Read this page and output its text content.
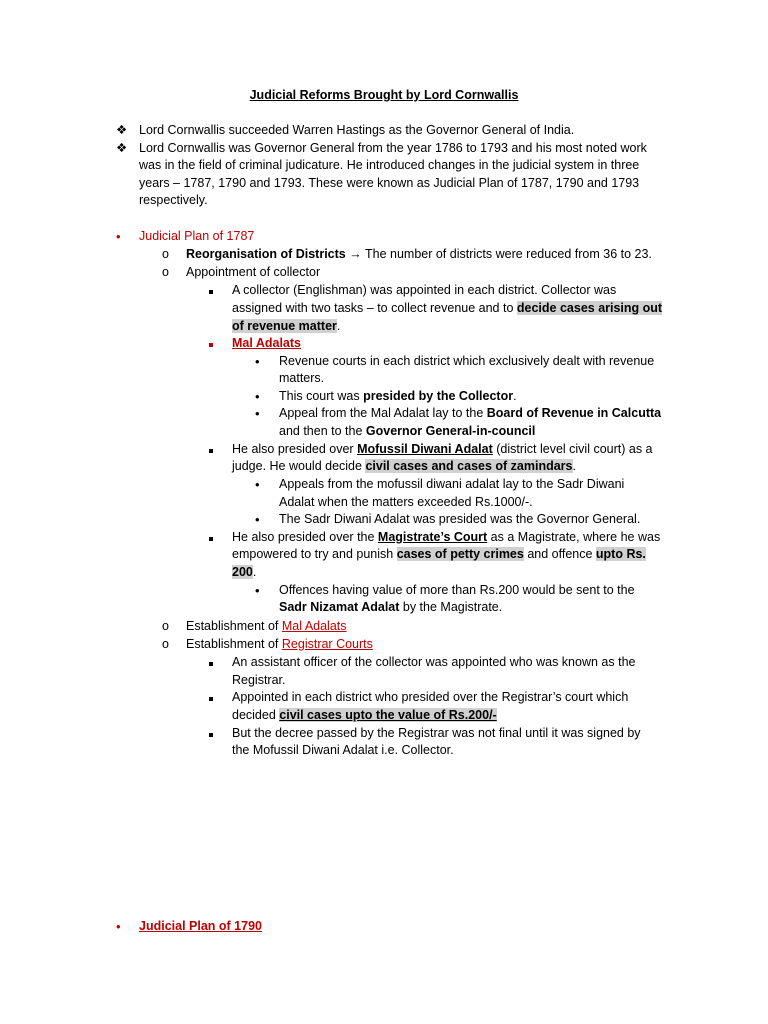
Judicial Reforms Brought by Lord Cornwallis
❖ Lord Cornwallis succeeded Warren Hastings as the Governor General of India.
❖ Lord Cornwallis was Governor General from the year 1786 to 1793 and his most noted work
was in the field of criminal judicature. He introduced changes in the judicial system in three
years – 1787, 1790 and 1793. These were known as Judicial Plan of 1787, 1790 and 1793
respectively.
• Judicial Plan of 1787
o Reorganisation of Districts → The number of districts were reduced from 36 to 23.
o Appointment of collector
A collector (Englishman) was appointed in each district. Collector was
assigned with two tasks – to collect revenue and to decide cases arising out
of revenue matter.
Mal Adalats
• Revenue courts in each district which exclusively dealt with revenue
matters.
• This court was presided by the Collector.
• Appeal from the Mal Adalat lay to the Board of Revenue in Calcutta
and then to the Governor General-in-council
He also presided over Mofussil Diwani Adalat (district level civil court) as a
judge. He would decide civil cases and cases of zamindars.
• Appeals from the mofussil diwani adalat lay to the Sadr Diwani
Adalat when the matters exceeded Rs.1000/-.
• The Sadr Diwani Adalat was presided was the Governor General.
He also presided over the Magistrate’s Court as a Magistrate, where he was
empowered to try and punish cases of petty crimes and offence upto Rs.
200.
• Offences having value of more than Rs.200 would be sent to the
Sadr Nizamat Adalat by the Magistrate.
o Establishment of Mal Adalats
o Establishment of Registrar Courts
An assistant officer of the collector was appointed who was known as the
Registrar.
Appointed in each district who presided over the Registrar’s court which
decided civil cases upto the value of Rs.200/-
But the decree passed by the Registrar was not final until it was signed by
the Mofussil Diwani Adalat i.e. Collector.
• Judicial Plan of 1790
